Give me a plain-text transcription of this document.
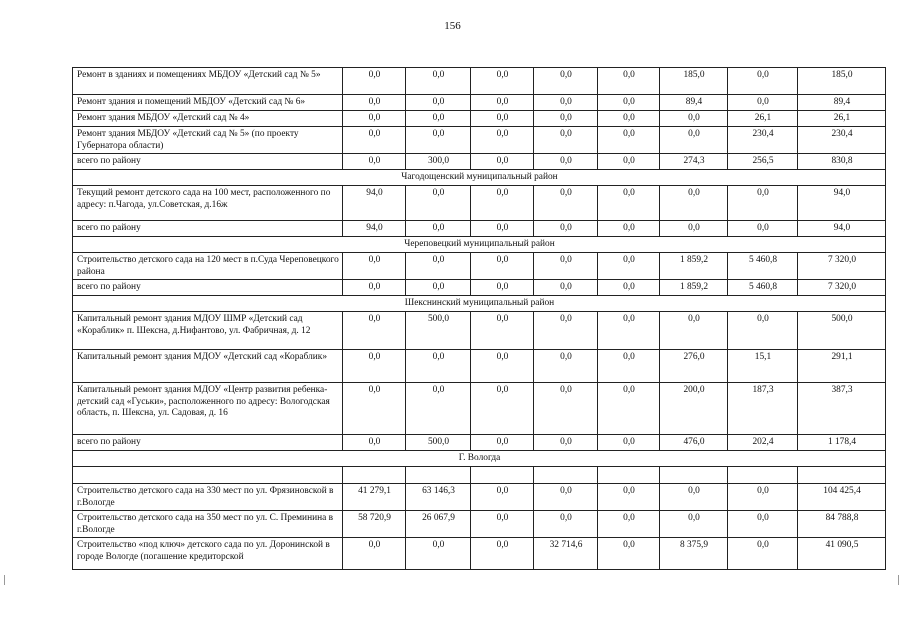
156
Ремонт в зданиях и помещениях МБДОУ «Детский сад № 5»	0,0	0,0	0,0	0,0	0,0	185,0	0,0	185,0
Ремонт здания и помещений МБДОУ «Детский сад № 6»	0,0	0,0	0,0	0,0	0,0	89,4	0,0	89,4
Ремонт здания МБДОУ «Детский сад № 4»	0,0	0,0	0,0	0,0	0,0	0,0	26,1	26,1
Ремонт здания МБДОУ «Детский сад № 5» (по проекту Губернатора области)	0,0	0,0	0,0	0,0	0,0	0,0	230,4	230,4
всего по району	0,0	300,0	0,0	0,0	0,0	274,3	256,5	830,8
Чагодощенский муниципальный район								
Текущий ремонт детского сада на 100 мест, расположенного по адресу: п.Чагода, ул.Советская, д.16ж	94,0	0,0	0,0	0,0	0,0	0,0	0,0	94,0
всего по району	94,0	0,0	0,0	0,0	0,0	0,0	0,0	94,0
Череповецкий муниципальный район								
Строительство детского сада на 120 мест в п.Суда Череповецкого района	0,0	0,0	0,0	0,0	0,0	1 859,2	5 460,8	7 320,0
всего по району	0,0	0,0	0,0	0,0	0,0	1 859,2	5 460,8	7 320,0
Шекснинский муниципальный район								
Капитальный ремонт здания МДОУ ШМР «Детский сад «Кораблик» п. Шексна, д.Нифантово, ул. Фабричная, д. 12	0,0	500,0	0,0	0,0	0,0	0,0	0,0	500,0
Капитальный ремонт здания МДОУ «Детский сад «Кораблик»	0,0	0,0	0,0	0,0	0,0	276,0	15,1	291,1
Капитальный ремонт здания МДОУ «Центр развития ребенка-детский сад «Гуськи», расположенного по адресу: Вологодская область, п. Шексна, ул. Садовая, д. 16	0,0	0,0	0,0	0,0	0,0	200,0	187,3	387,3
всего по району	0,0	500,0	0,0	0,0	0,0	476,0	202,4	1 178,4
Г. Вологда								

Строительство детского сада на 330 мест по ул. Фрязиновской в г.Вологде	41 279,1	63 146,3	0,0	0,0	0,0	0,0	0,0	104 425,4
Строительство детского сада на 350 мест по ул. С. Преминина в г.Вологде	58 720,9	26 067,9	0,0	0,0	0,0	0,0	0,0	84 788,8
Строительство «под ключ» детского сада по ул. Доронинской в городе Вологде (погашение кредиторской	0,0	0,0	0,0	32 714,6	0,0	8 375,9	0,0	41 090,5
